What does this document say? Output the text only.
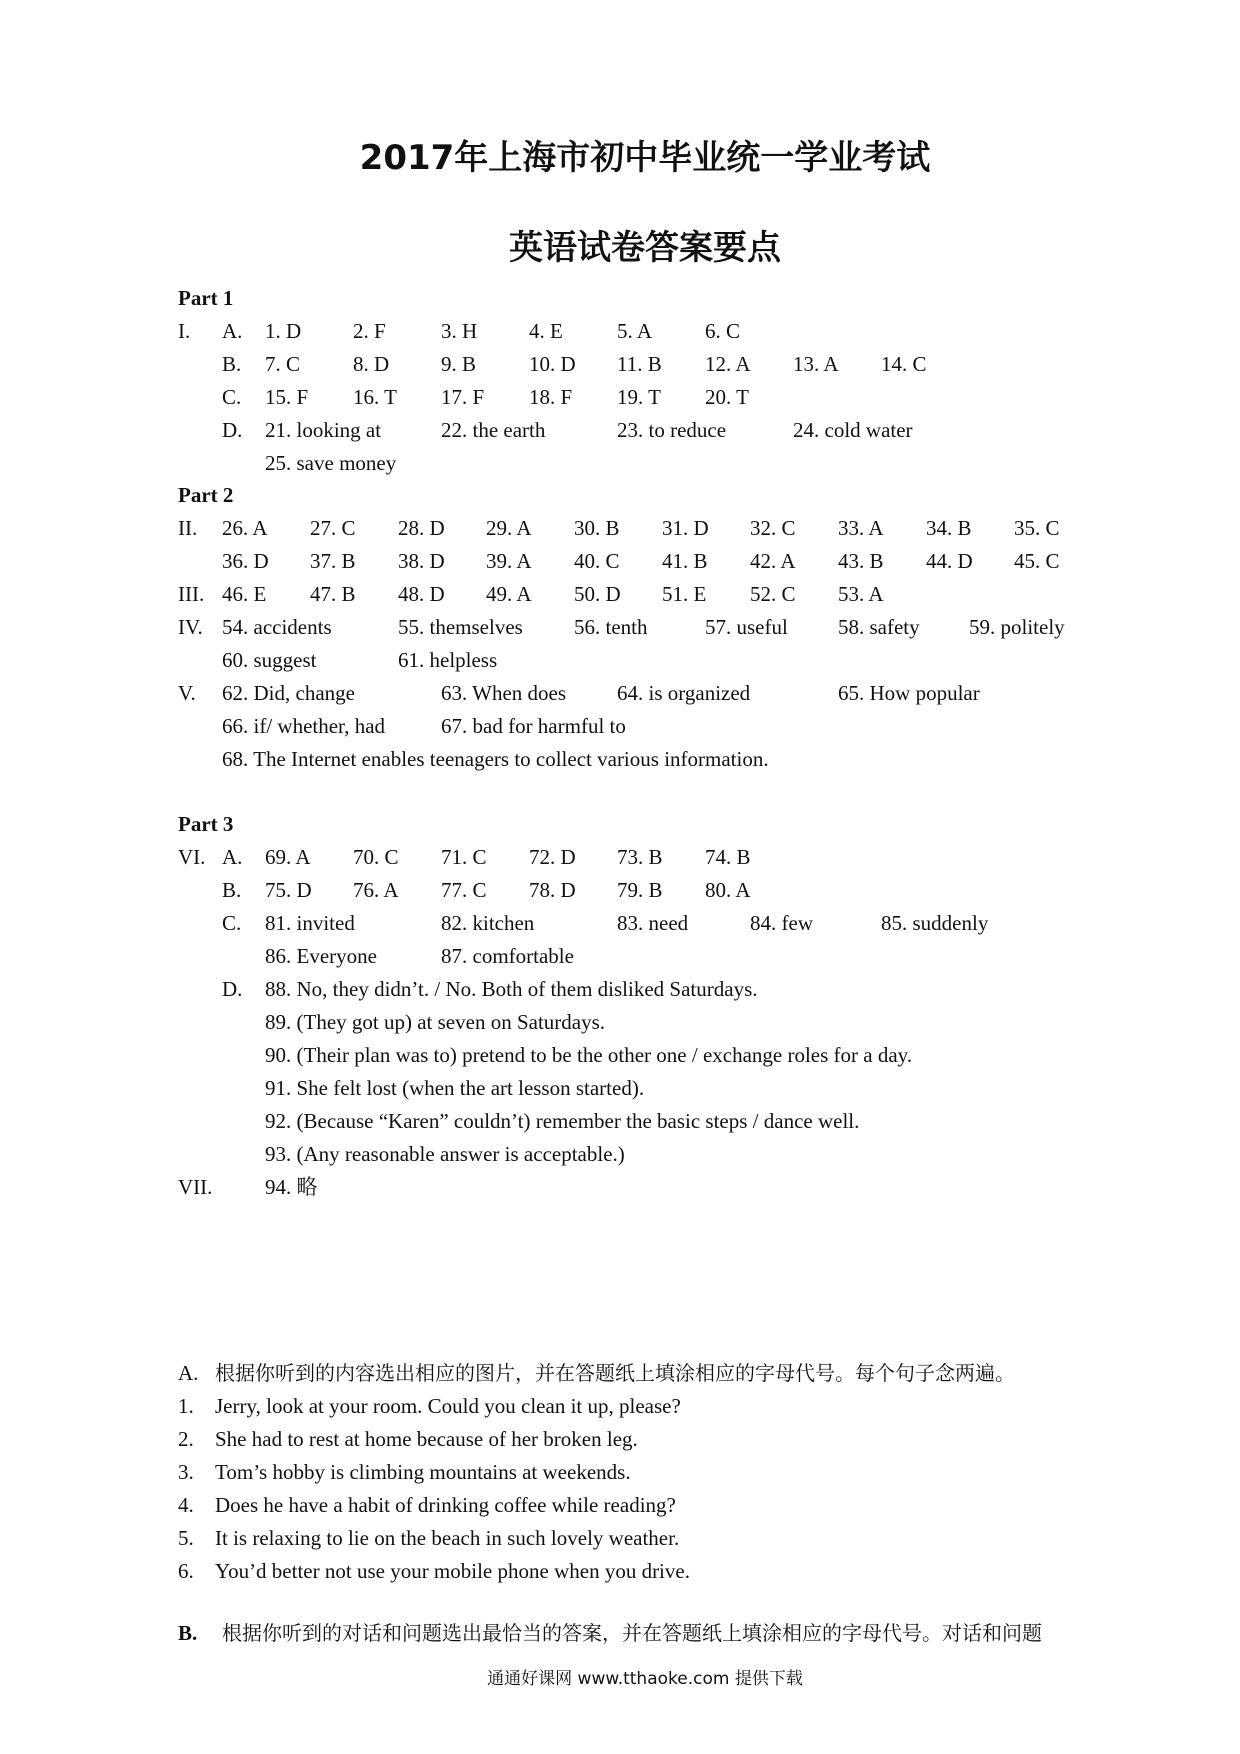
2017年上海市初中毕业统一学业考试
英语试卷答案要点
Part 1
I. A. 1. D 2. F	3. H 4. E	5. A	6. C
B. 7. C	8. D 9. B	10. D 11. B 12. A 13. A 14. C
C. 15. F 16. T 17. F 18. F 19. T 20. T
D. 21. looking at	22. the earth	23. to reduce	24. cold water
25. save money
Part 2
II. 26. A 27. C 28. D 29. A 30. B 31. D 32. C 33. A 34. B 35. C
36. D 37. B 38. D 39. A 40. C 41. B 42. A 43. B 44. D 45. C
III. 46. E 47. B 48. D 49. A 50. D 51. E 52. C 53. A
IV. 54. accidents	55. themselves 56. tenth	57. useful 58. safety 59. politely
60. suggest	61. helpless
V. 62. Did, change	63. When does 64. is organized	65. How popular
66. if/ whether, had	67. bad for harmful to
68. The Internet enables teenagers to collect various information.
Part 3
VI. A. 69. A 70. C 71. C 72. D 73. B 74. B
B. 75. D 76. A 77. C 78. D 79. B 80. A
C. 81. invited	82. kitchen	83. need	84. few	85. suddenly
86. Everyone	87. comfortable
D. 88. No, they didn’t. / No. Both of them disliked Saturdays.
89. (They got up) at seven on Saturdays.
90. (Their plan was to) pretend to be the other one / exchange roles for a day.
91. She felt lost (when the art lesson started).
92. (Because “Karen” couldn’t) remember the basic steps / dance well.
93. (Any reasonable answer is acceptable.)
VII.	94. 略
A. 根据你听到的内容选出相应的图片，并在答题纸上填涂相应的字母代号。每个句子念两遍。
1. Jerry, look at your room. Could you clean it up, please?
2. She had to rest at home because of her broken leg.
3. Tom’s hobby is climbing mountains at weekends.
4. Does he have a habit of drinking coffee while reading?
5. It is relaxing to lie on the beach in such lovely weather.
6. You’d better not use your mobile phone when you drive.
B. 根据你听到的对话和问题选出最恰当的答案，并在答题纸上填涂相应的字母代号。对话和问题
通通好课网 www.tthaoke.com 提供下载
